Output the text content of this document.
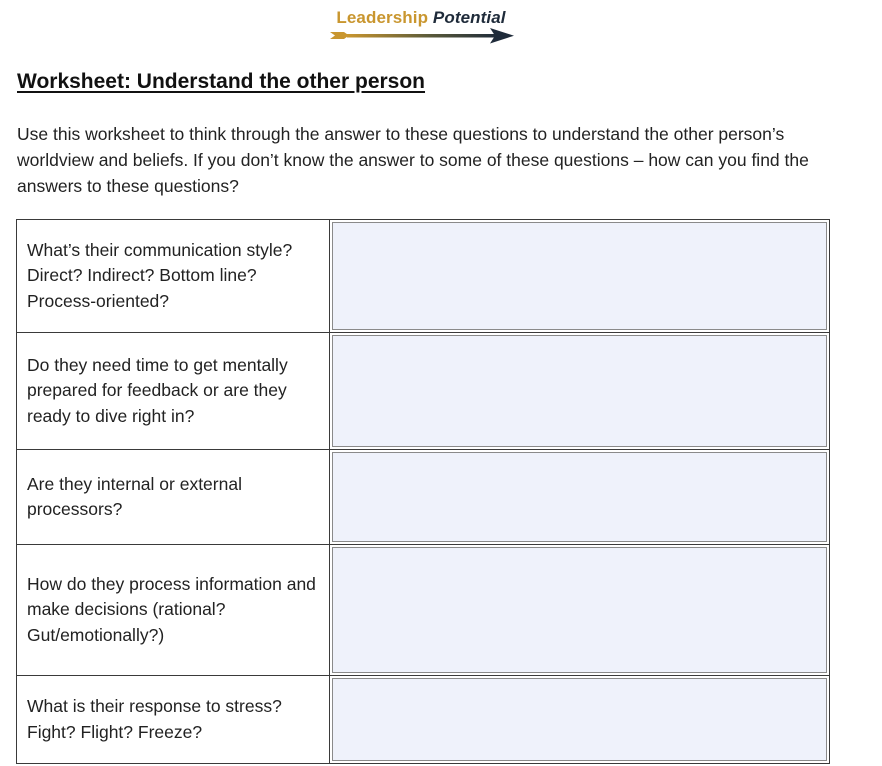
Leadership Potential
Worksheet: Understand the other person

Use this worksheet to think through the answer to these questions to understand the other person’s worldview and beliefs. If you don’t know the answer to some of these questions – how can you find the answers to these questions?

What’s their communication style? Direct? Indirect? Bottom line? Process-oriented?	

Do they need time to get mentally prepared for feedback or are they ready to dive right in?	

Are they internal or external processors?	

How do they process information and make decisions (rational? Gut/emotionally?)	

What is their response to stress? Fight? Flight? Freeze?	
